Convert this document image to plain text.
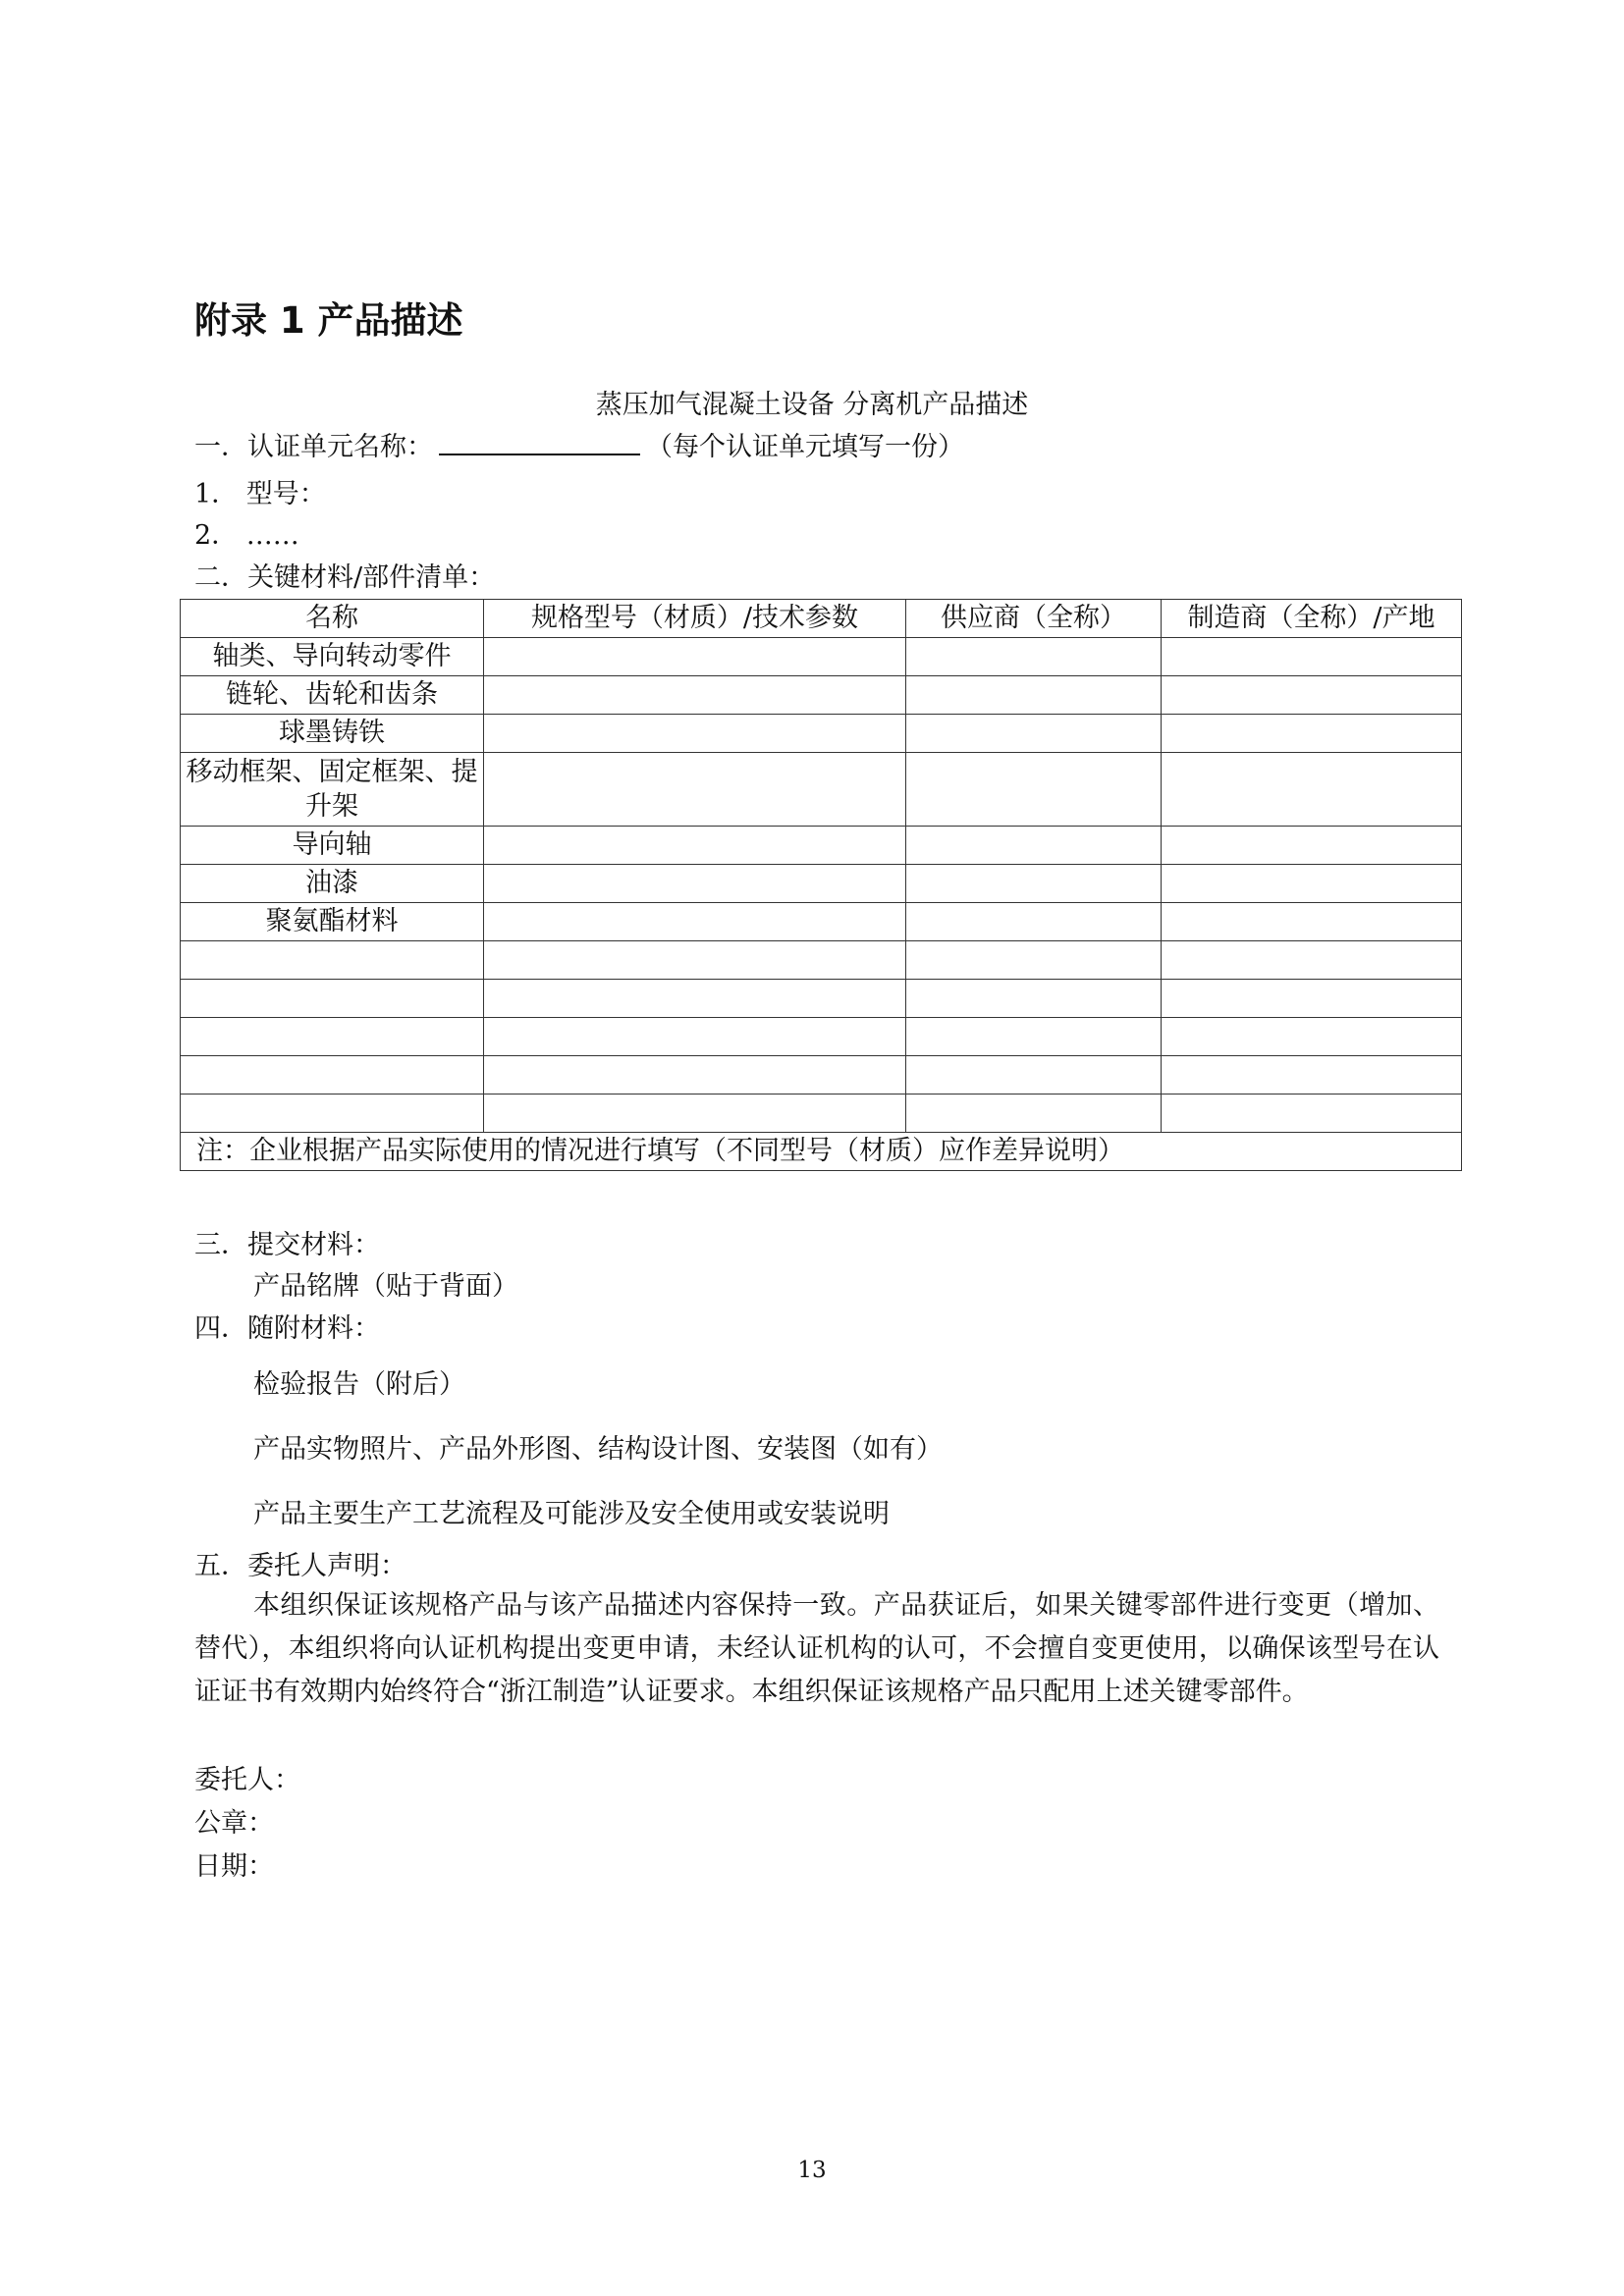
附录 1 产品描述
蒸压加气混凝土设备 分离机产品描述
一．认证单元名称：	（每个认证单元填写一份）
1． 型号：
2． ……
二．关键材料/部件清单：
名称	规格型号（材质）/技术参数	供应商（全称）	制造商（全称）/产地
轴类、导向转动零件			
链轮、齿轮和齿条			
球墨铸铁			
移动框架、固定框架、提升架			
导向轴			
油漆			
聚氨酯材料			

注：企业根据产品实际使用的情况进行填写（不同型号（材质）应作差异说明）			
三．提交材料：
产品铭牌（贴于背面）
四．随附材料：
检验报告（附后）
产品实物照片、产品外形图、结构设计图、安装图（如有）
产品主要生产工艺流程及可能涉及安全使用或安装说明
五．委托人声明：
本组织保证该规格产品与该产品描述内容保持一致。产品获证后，如果关键零部件进行变更（增加、替代），本组织将向认证机构提出变更申请，未经认证机构的认可，不会擅自变更使用，以确保该型号在认证证书有效期内始终符合“浙江制造”认证要求。本组织保证该规格产品只配用上述关键零部件。
委托人：
公章：
日期：
13
